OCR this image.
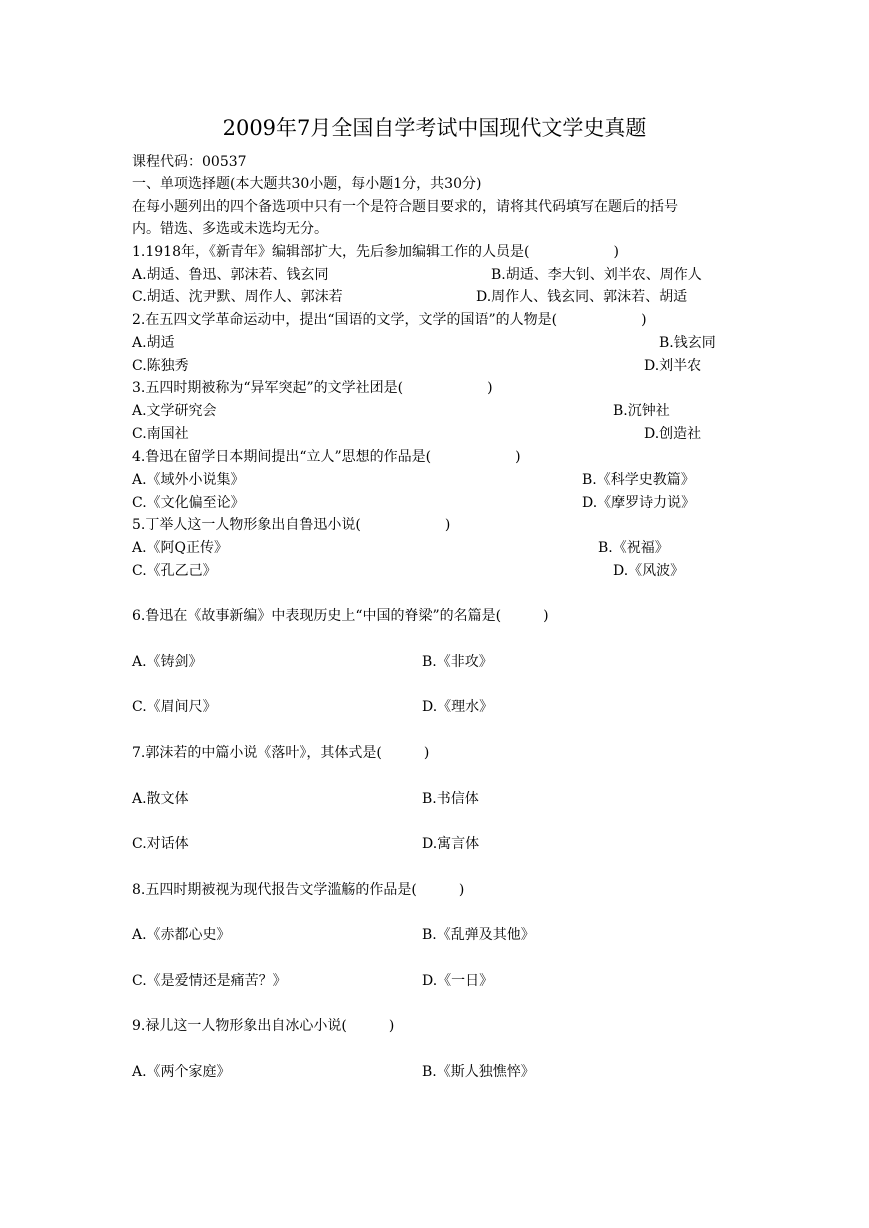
2009年7月全国自学考试中国现代文学史真题
课程代码：00537
一、单项选择题(本大题共30小题，每小题1分，共30分)
在每小题列出的四个备选项中只有一个是符合题目要求的，请将其代码填写在题后的括号
内。错选、多选或未选均无分。
1.1918年，《新青年》编辑部扩大，先后参加编辑工作的人员是(　　　　　　)
A.胡适、鲁迅、郭沫若、钱玄同	B.胡适、李大钊、刘半农、周作人
C.胡适、沈尹默、周作人、郭沫若	D.周作人、钱玄同、郭沫若、胡适
2.在五四文学革命运动中，提出“国语的文学，文学的国语”的人物是(　　　　　　)
A.胡适	B.钱玄同
C.陈独秀	D.刘半农
3.五四时期被称为“异军突起”的文学社团是(　　　　　　)
A.文学研究会	B.沉钟社
C.南国社	D.创造社
4.鲁迅在留学日本期间提出“立人”思想的作品是(　　　　　　)
A.《域外小说集》	B.《科学史教篇》
C.《文化偏至论》	D.《摩罗诗力说》
5.丁举人这一人物形象出自鲁迅小说(　　　　　　)
A.《阿Q正传》	B.《祝福》
C.《孔乙己》	D.《风波》
6.鲁迅在《故事新编》中表现历史上“中国的脊梁”的名篇是(　　　)
A.《铸剑》	B.《非攻》
C.《眉间尺》	D.《理水》
7.郭沫若的中篇小说《落叶》，其体式是(　　　)
A.散文体	B.书信体
C.对话体	D.寓言体
8.五四时期被视为现代报告文学滥觞的作品是(　　　)
A.《赤都心史》	B.《乱弹及其他》
C.《是爱情还是痛苦？》	D.《一日》
9.禄儿这一人物形象出自冰心小说(　　　)
A.《两个家庭》	B.《斯人独憔悴》
